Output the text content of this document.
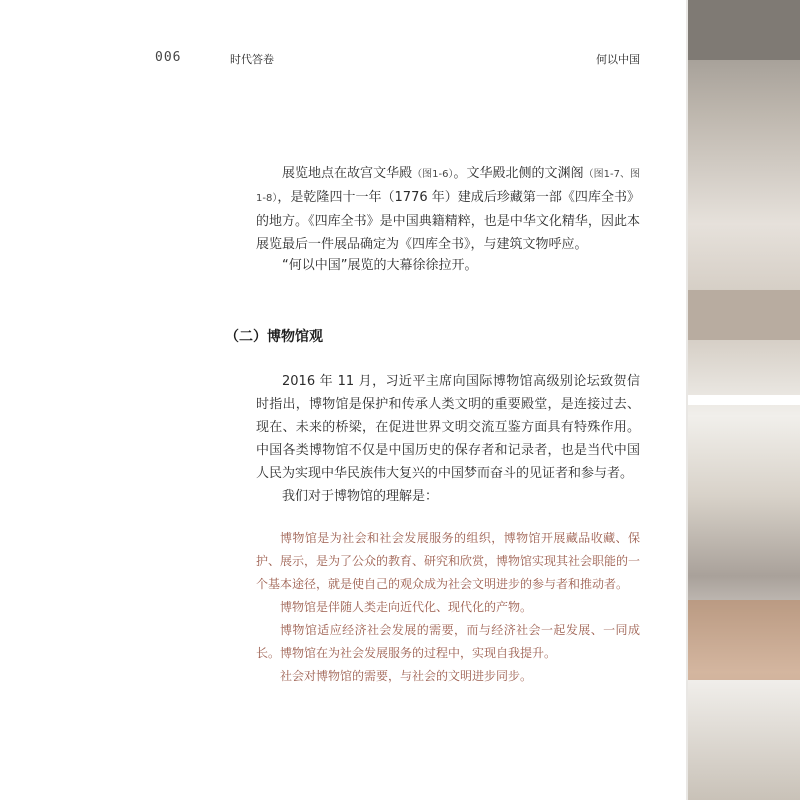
006	时代答卷	何以中国

展览地点在故宫文华殿（图1-6）。文华殿北侧的文渊阁（图1-7、图1-8），是乾隆四十一年（1776 年）建成后珍藏第一部《四库全书》的地方。《四库全书》是中国典籍精粹，也是中华文化精华，因此本展览最后一件展品确定为《四库全书》，与建筑文物呼应。

“何以中国”展览的大幕徐徐拉开。

（二）博物馆观

2016 年 11 月，习近平主席向国际博物馆高级别论坛致贺信时指出，博物馆是保护和传承人类文明的重要殿堂，是连接过去、现在、未来的桥梁，在促进世界文明交流互鉴方面具有特殊作用。中国各类博物馆不仅是中国历史的保存者和记录者，也是当代中国人民为实现中华民族伟大复兴的中国梦而奋斗的见证者和参与者。

我们对于博物馆的理解是：

博物馆是为社会和社会发展服务的组织，博物馆开展藏品收藏、保护、展示，是为了公众的教育、研究和欣赏，博物馆实现其社会职能的一个基本途径，就是使自己的观众成为社会文明进步的参与者和推动者。

博物馆是伴随人类走向近代化、现代化的产物。

博物馆适应经济社会发展的需要，而与经济社会一起发展、一同成长。 博物馆在为社会发展服务的过程中，实现自我提升。

社会对博物馆的需要，与社会的文明进步同步。
